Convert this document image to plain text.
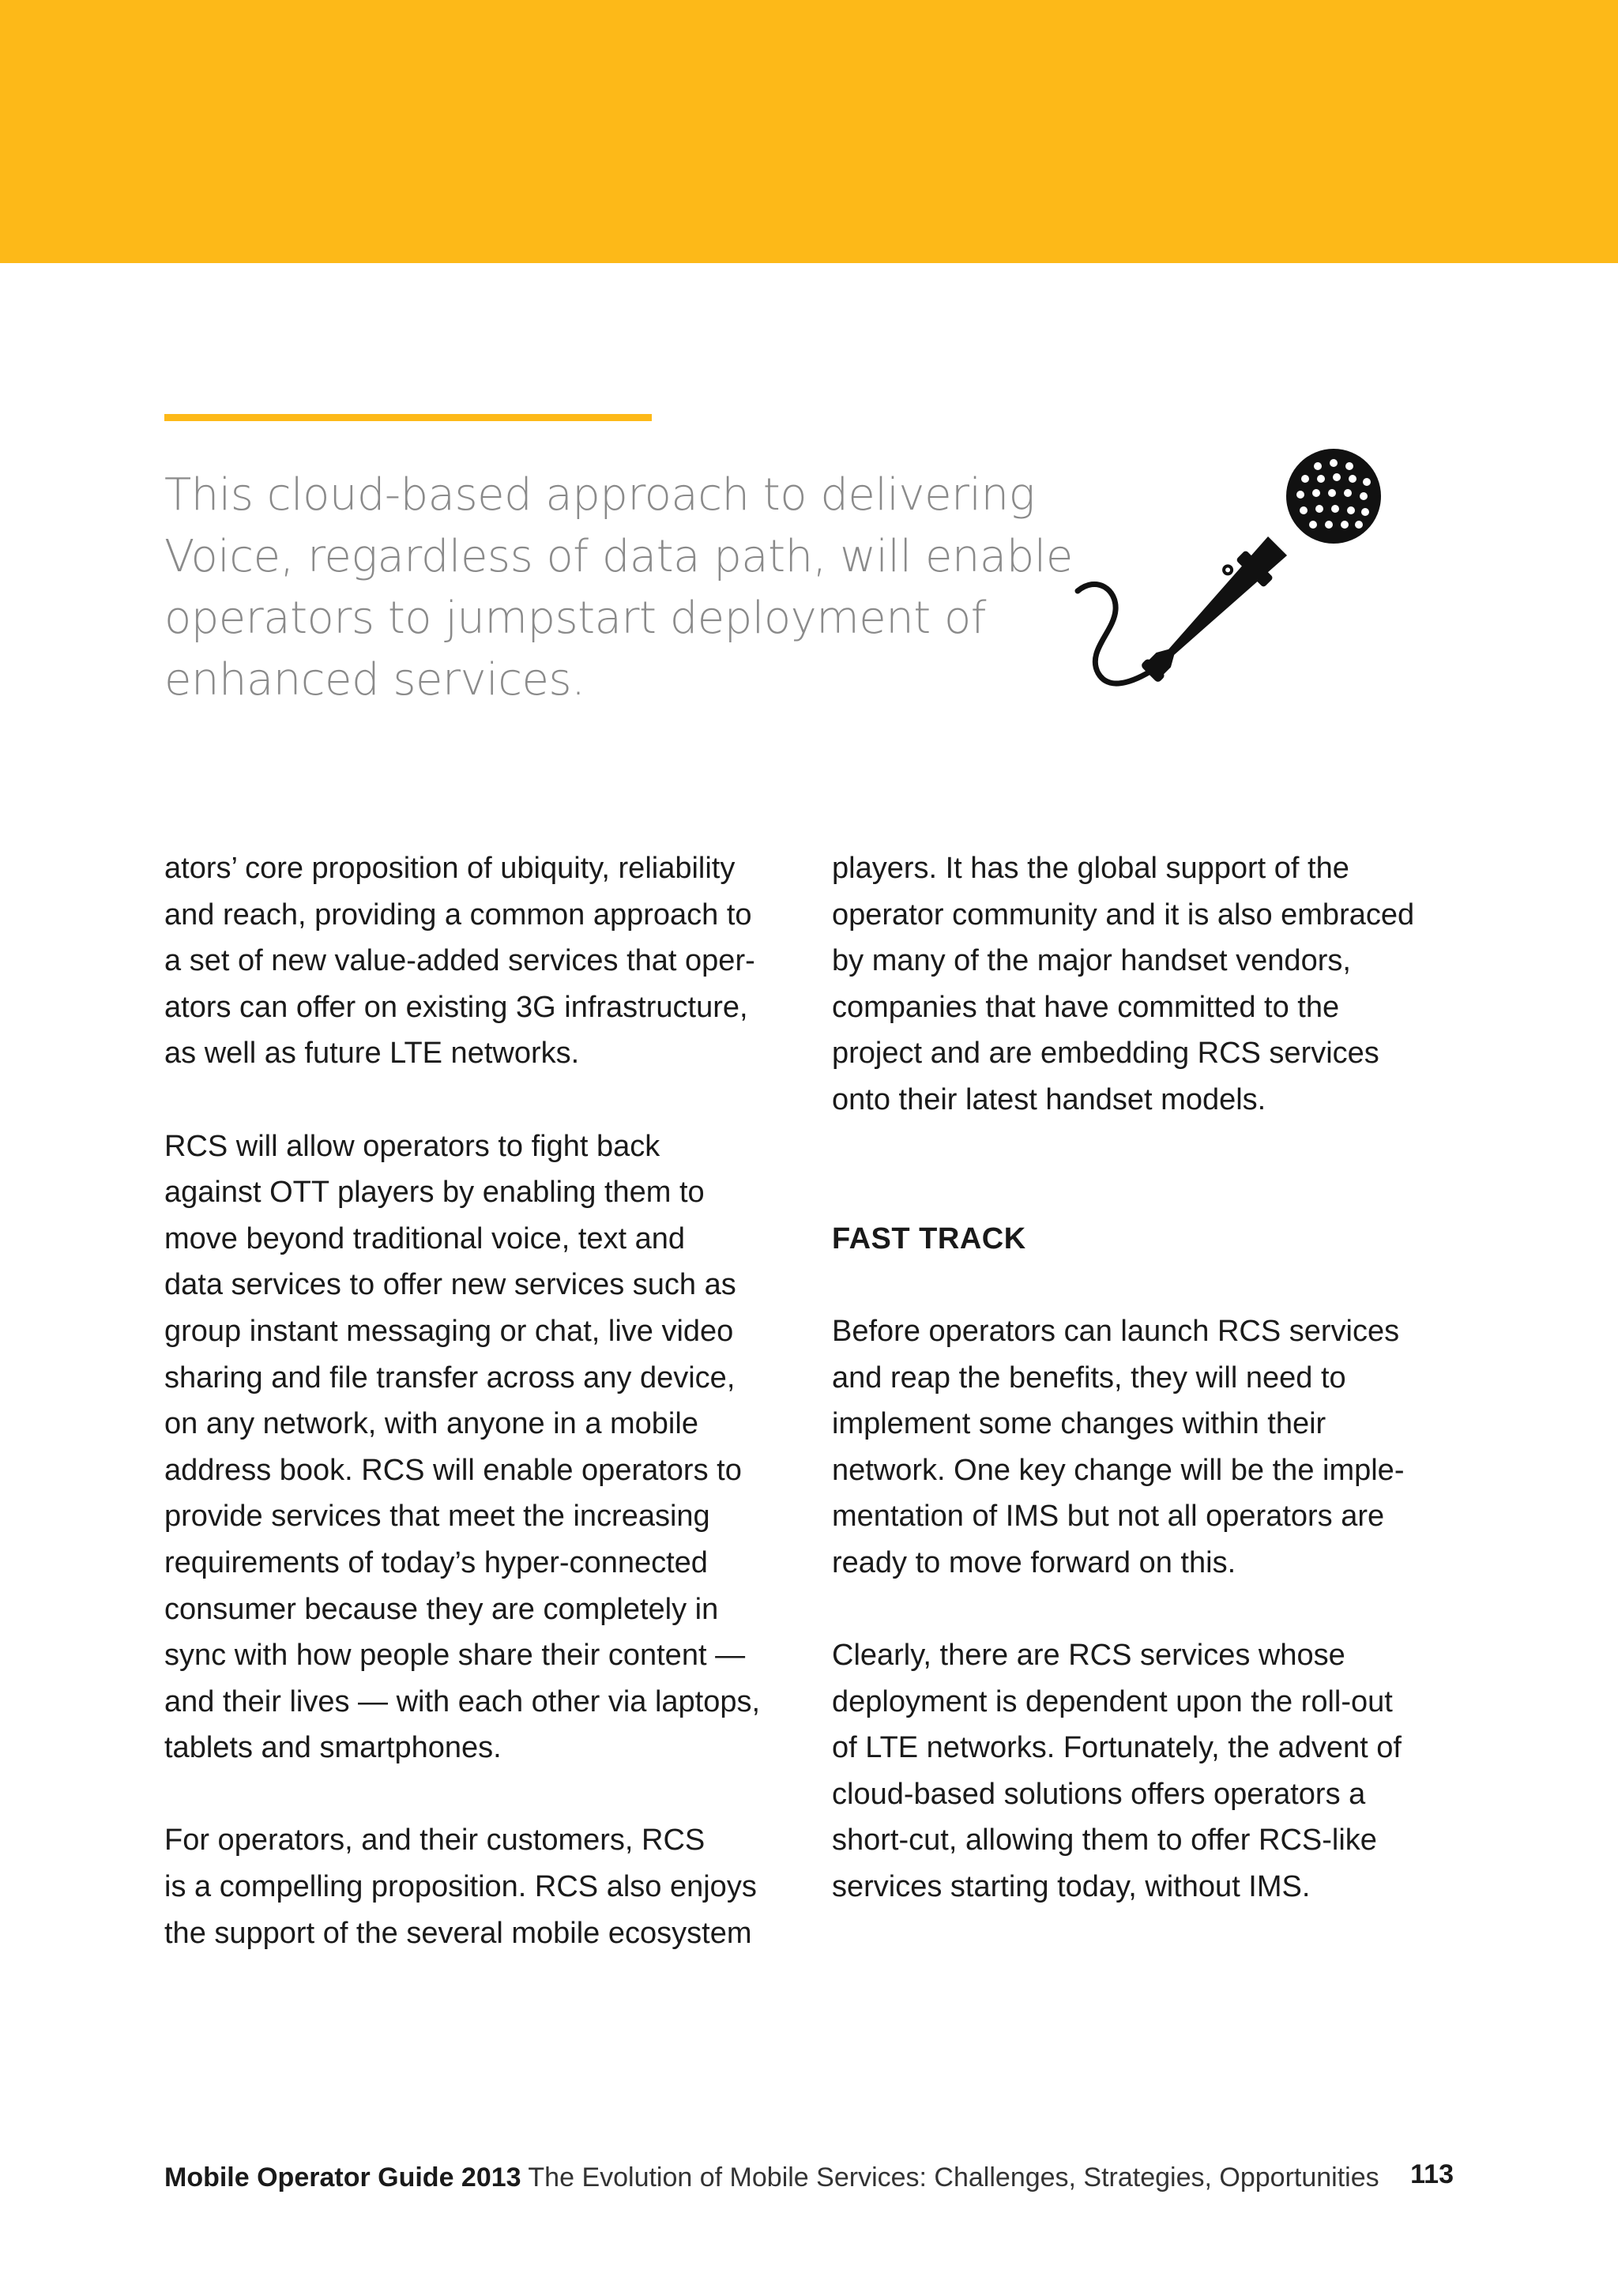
This cloud-based approach to delivering
Voice, regardless of data path, will enable
operators to jumpstart deployment of
enhanced services.

ators’ core proposition of ubiquity, reliability
and reach, providing a common approach to
a set of new value-added services that oper-
ators can offer on existing 3G infrastructure,
as well as future LTE networks.

RCS will allow operators to fight back
against OTT players by enabling them to
move beyond traditional voice, text and
data services to offer new services such as
group instant messaging or chat, live video
sharing and file transfer across any device,
on any network, with anyone in a mobile
address book. RCS will enable operators to
provide services that meet the increasing
requirements of today’s hyper-connected
consumer because they are completely in
sync with how people share their content —
and their lives — with each other via laptops,
tablets and smartphones.

For operators, and their customers, RCS
is a compelling proposition. RCS also enjoys
the support of the several mobile ecosystem

players. It has the global support of the
operator community and it is also embraced
by many of the major handset vendors,
companies that have committed to the
project and are embedding RCS services
onto their latest handset models.

FAST TRACK

Before operators can launch RCS services
and reap the benefits, they will need to
implement some changes within their
network. One key change will be the imple-
mentation of IMS but not all operators are
ready to move forward on this.

Clearly, there are RCS services whose
deployment is dependent upon the roll-out
of LTE networks. Fortunately, the advent of
cloud-based solutions offers operators a
short-cut, allowing them to offer RCS-like
services starting today, without IMS.

Mobile Operator Guide 2013 The Evolution of Mobile Services: Challenges, Strategies, Opportunities 113
